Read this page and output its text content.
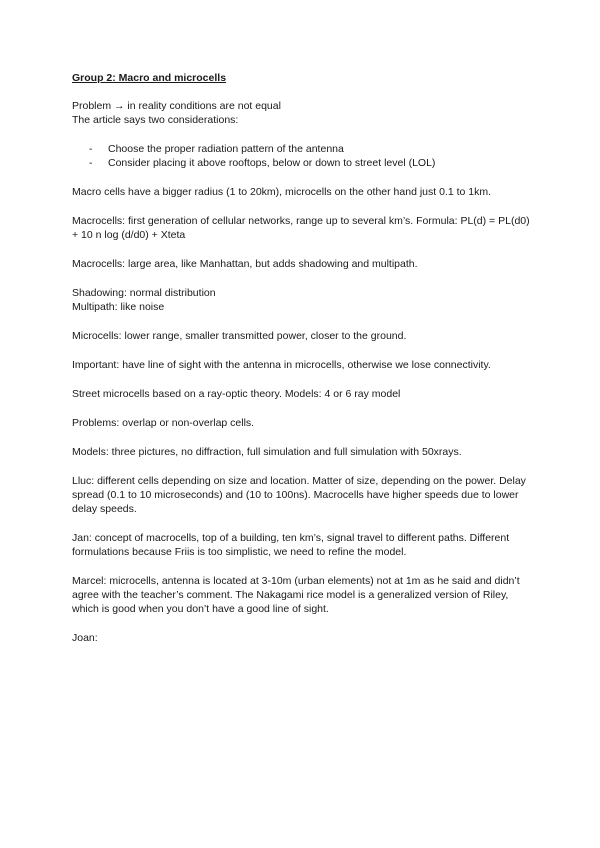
Group 2: Macro and microcells

Problem → in reality conditions are not equal

The article says two considerations:

- Choose the proper radiation pattern of the antenna
- Consider placing it above rooftops, below or down to street level (LOL)

Macro cells have a bigger radius (1 to 20km), microcells on the other hand just 0.1 to 1km.

Macrocells: first generation of cellular networks, range up to several km’s. Formula: PL(d) = PL(d0) + 10 n log (d/d0) + Xteta

Macrocells: large area, like Manhattan, but adds shadowing and multipath.

Shadowing: normal distribution

Multipath: like noise

Microcells: lower range, smaller transmitted power, closer to the ground.

Important: have line of sight with the antenna in microcells, otherwise we lose connectivity.

Street microcells based on a ray-optic theory. Models: 4 or 6 ray model

Problems: overlap or non-overlap cells.

Models: three pictures, no diffraction, full simulation and full simulation with 50xrays.

Lluc: different cells depending on size and location. Matter of size, depending on the power. Delay spread (0.1 to 10 microseconds) and (10 to 100ns). Macrocells have higher speeds due to lower delay speeds.

Jan: concept of macrocells, top of a building, ten km’s, signal travel to different paths. Different formulations because Friis is too simplistic, we need to refine the model.

Marcel: microcells, antenna is located at 3-10m (urban elements) not at 1m as he said and didn’t agree with the teacher’s comment. The Nakagami rice model is a generalized version of Riley, which is good when you don’t have a good line of sight.

Joan:
